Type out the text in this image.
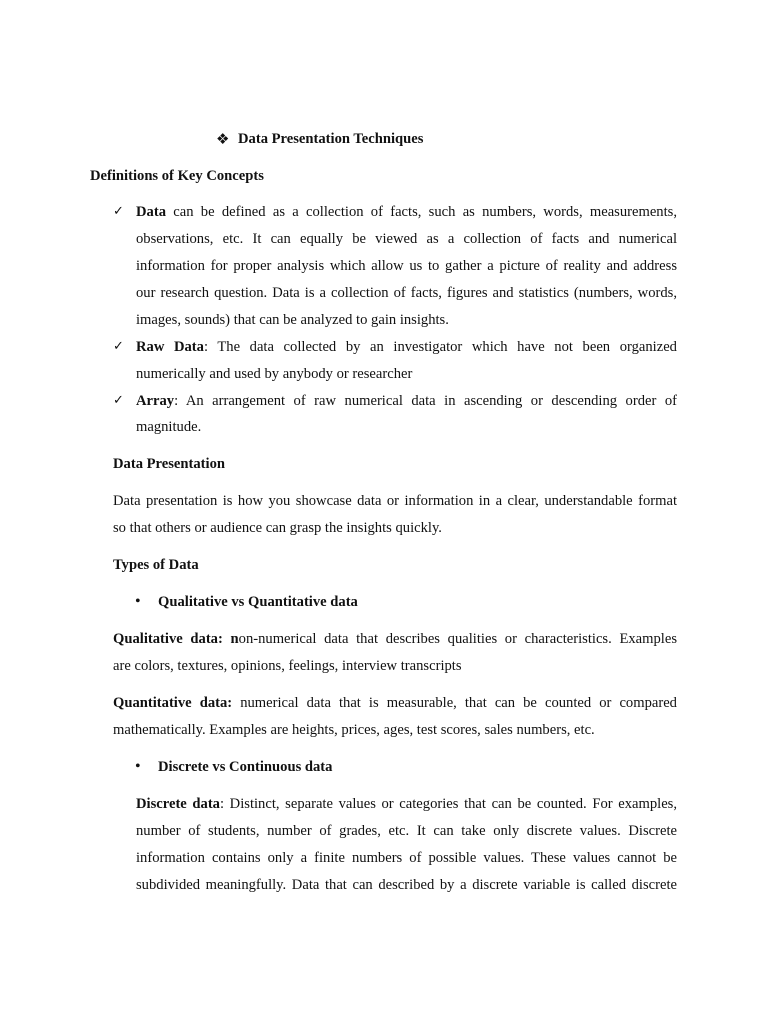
❖ Data Presentation Techniques
Definitions of Key Concepts
✓ Data can be defined as a collection of facts, such as numbers, words, measurements,
observations, etc. It can equally be viewed as a collection of facts and numerical
information for proper analysis which allow us to gather a picture of reality and address
our research question. Data is a collection of facts, figures and statistics (numbers, words,
images, sounds) that can be analyzed to gain insights.
✓ Raw Data: The data collected by an investigator which have not been organized
numerically and used by anybody or researcher
✓ Array: An arrangement of raw numerical data in ascending or descending order of
magnitude.
Data Presentation
Data presentation is how you showcase data or information in a clear, understandable format
so that others or audience can grasp the insights quickly.
Types of Data
• Qualitative vs Quantitative data
Qualitative data: non-numerical data that describes qualities or characteristics. Examples
are colors, textures, opinions, feelings, interview transcripts
Quantitative data: numerical data that is measurable, that can be counted or compared
mathematically. Examples are heights, prices, ages, test scores, sales numbers, etc.
• Discrete vs Continuous data
Discrete data: Distinct, separate values or categories that can be counted. For examples,
number of students, number of grades, etc. It can take only discrete values. Discrete
information contains only a finite numbers of possible values. These values cannot be
subdivided meaningfully. Data that can described by a discrete variable is called discrete
